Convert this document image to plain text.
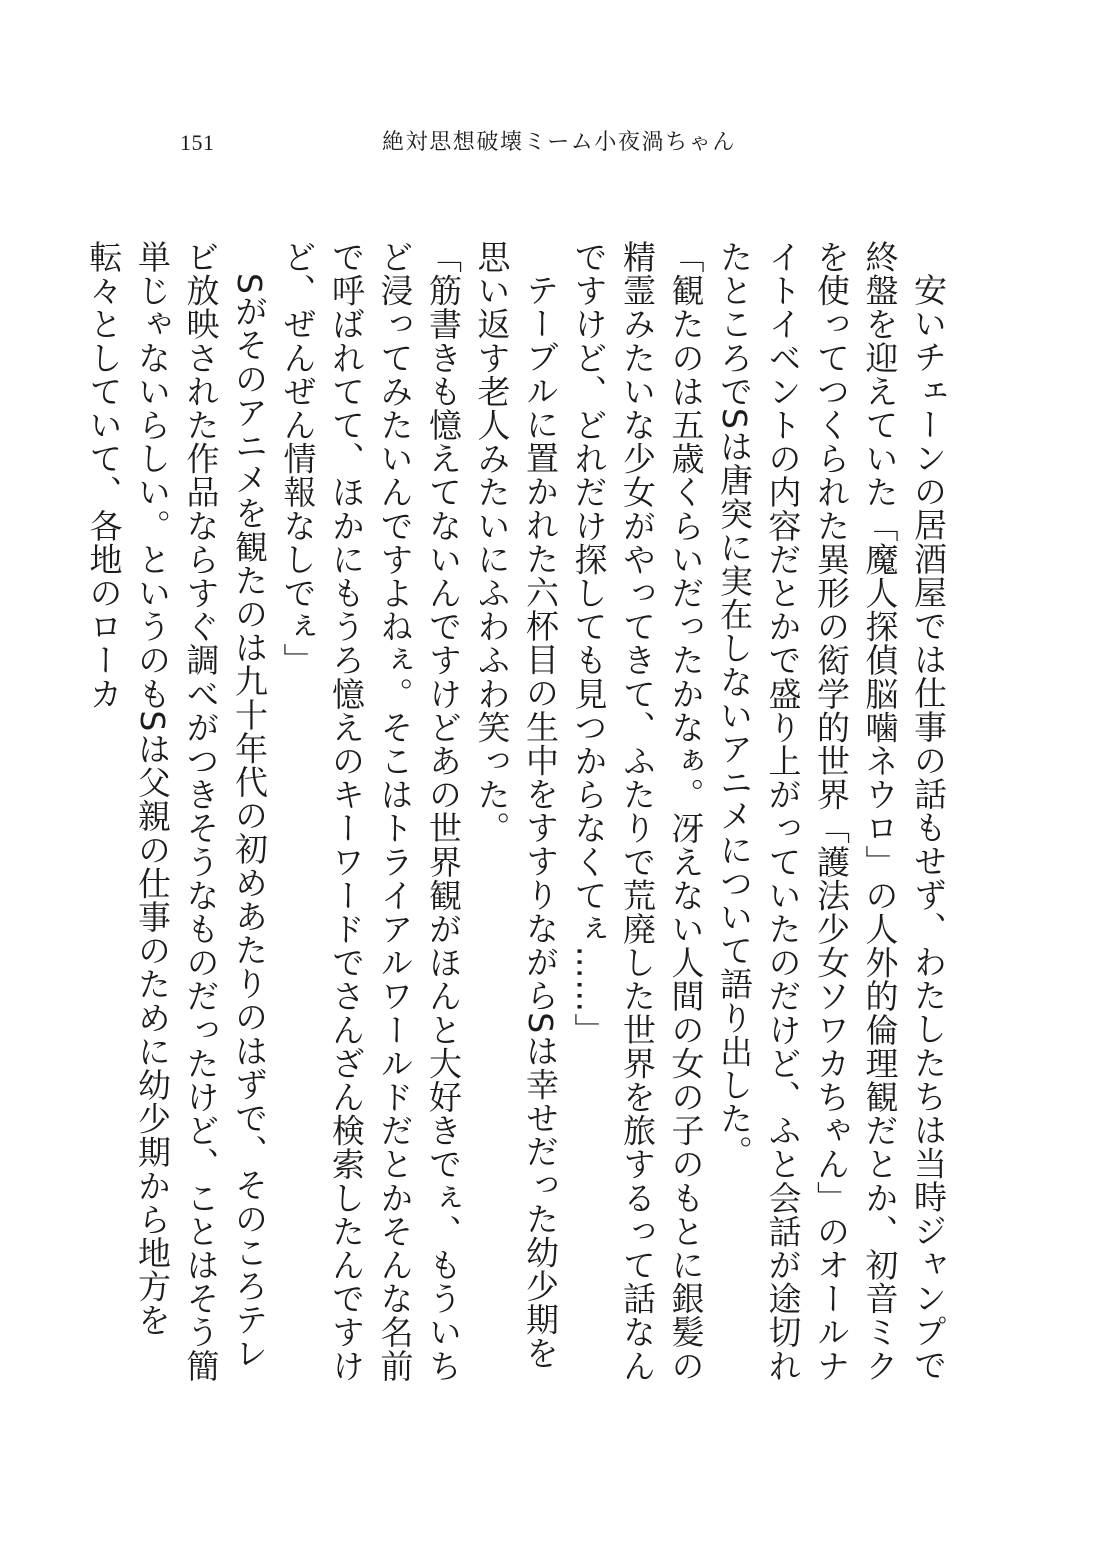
151	絶対思想破壊ミーム小夜渦ちゃん

安いチェーンの居酒屋では仕事の話もせず、わたしたちは当時ジャンプで終盤を迎えていた「魔人探偵脳噛ネウロ」の人外的倫理観だとか、初音ミクを使ってつくられた異形の衒学的世界「護法少女ソワカちゃん」のオールナイトイベントの内容だとかで盛り上がっていたのだけど、ふと会話が途切れたところでSは唐突に実在しないアニメについて語り出した。

「観たのは五歳くらいだったかなぁ。冴えない人間の女の子のもとに銀髪の精霊みたいな少女がやってきて、ふたりで荒廃した世界を旅するって話なんですけど、どれだけ探しても見つからなくてぇ……」

テーブルに置かれた六杯目の生中をすすりながらSは幸せだった幼少期を思い返す老人みたいにふわふわ笑った。

「筋書きも憶えてないんですけどあの世界観がほんと大好きでぇ、もういちど浸ってみたいんですよねぇ。そこはトライアルワールドだとかそんな名前で呼ばれてて、ほかにもうろ憶えのキーワードでさんざん検索したんですけど、ぜんぜん情報なしでぇ」

Sがそのアニメを観たのは九十年代の初めあたりのはずで、そのころテレビ放映された作品ならすぐ調べがつきそうなものだったけど、ことはそう簡単じゃないらしい。というのもSは父親の仕事のために幼少期から地方を転々としていて、各地のローカ
